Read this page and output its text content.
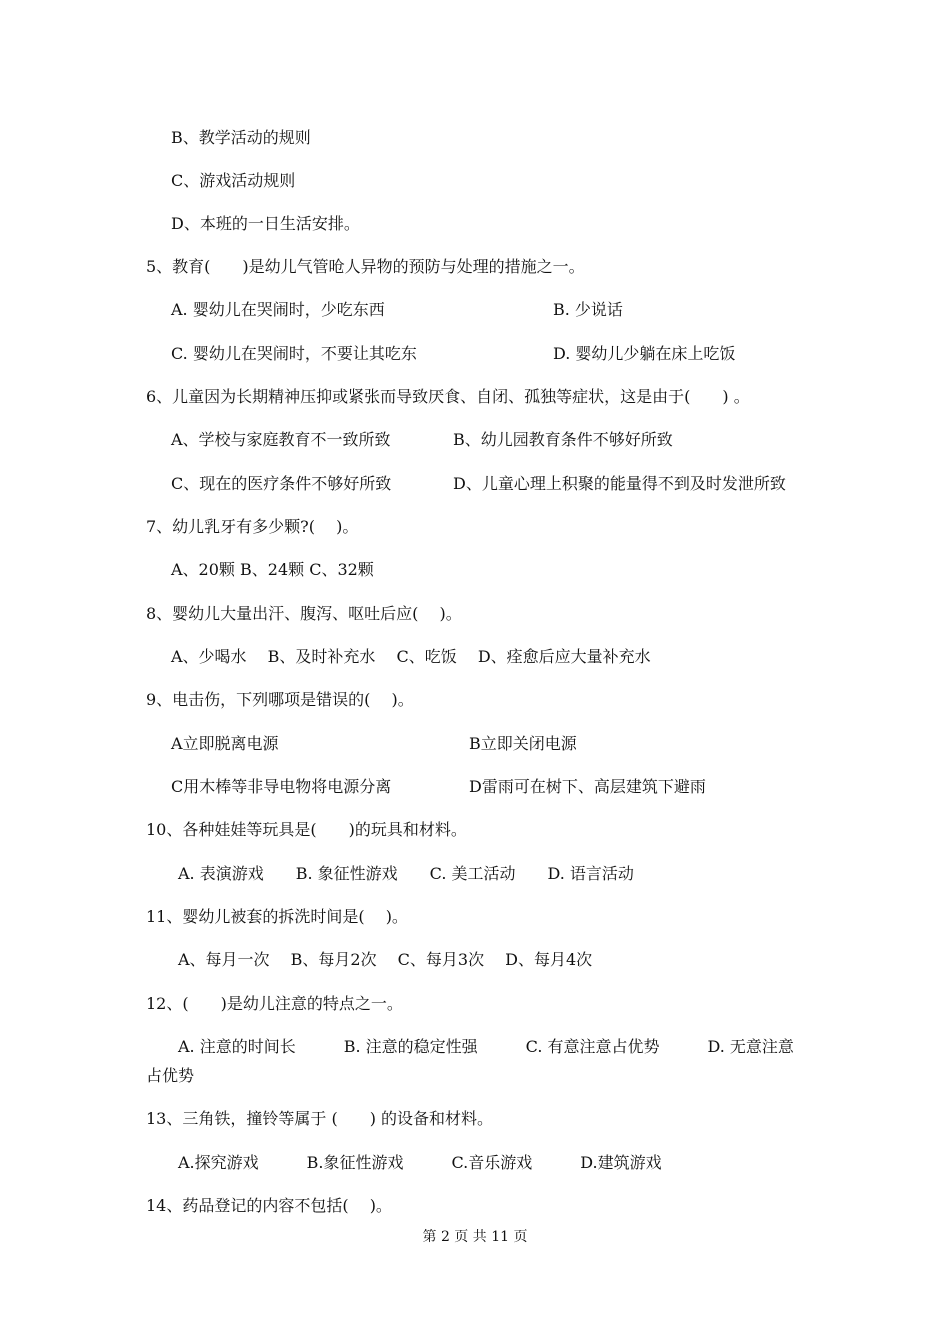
B、教学活动的规则
C、游戏活动规则
D、本班的一日生活安排。
5、教育(　　)是幼儿气管呛人异物的预防与处理的措施之一。
A. 婴幼儿在哭闹时，少吃东西	B. 少说话
C. 婴幼儿在哭闹时，不要让其吃东	D. 婴幼儿少躺在床上吃饭
6、儿童因为长期精神压抑或紧张而导致厌食、自闭、孤独等症状，这是由于(　　) 。
A、学校与家庭教育不一致所致	B、幼儿园教育条件不够好所致
C、现在的医疗条件不够好所致	D、儿童心理上积聚的能量得不到及时发泄所致
7、幼儿乳牙有多少颗?(　 )。
A、20颗 B、24颗 C、32颗
8、婴幼儿大量出汗、腹泻、呕吐后应(　 )。
A、少喝水　 B、及时补充水　 C、吃饭　 D、痊愈后应大量补充水
9、电击伤，下列哪项是错误的(　 )。
A立即脱离电源	B立即关闭电源
C用木棒等非导电物将电源分离	D雷雨可在树下、高层建筑下避雨
10、各种娃娃等玩具是(　　)的玩具和材料。
A. 表演游戏　　B. 象征性游戏　　C. 美工活动　　D. 语言活动
11、婴幼儿被套的拆洗时间是(　 )。
A、每月一次　 B、每月2次　 C、每月3次　 D、每月4次
12、(　　)是幼儿注意的特点之一。
A. 注意的时间长　　　B. 注意的稳定性强　　　C. 有意注意占优势　　　D. 无意注意
占优势
13、三角铁，撞铃等属于 (　　) 的设备和材料。
A.探究游戏　　　B.象征性游戏　　　C.音乐游戏　　　D.建筑游戏
14、药品登记的内容不包括(　 )。
第 2 页 共 11 页
